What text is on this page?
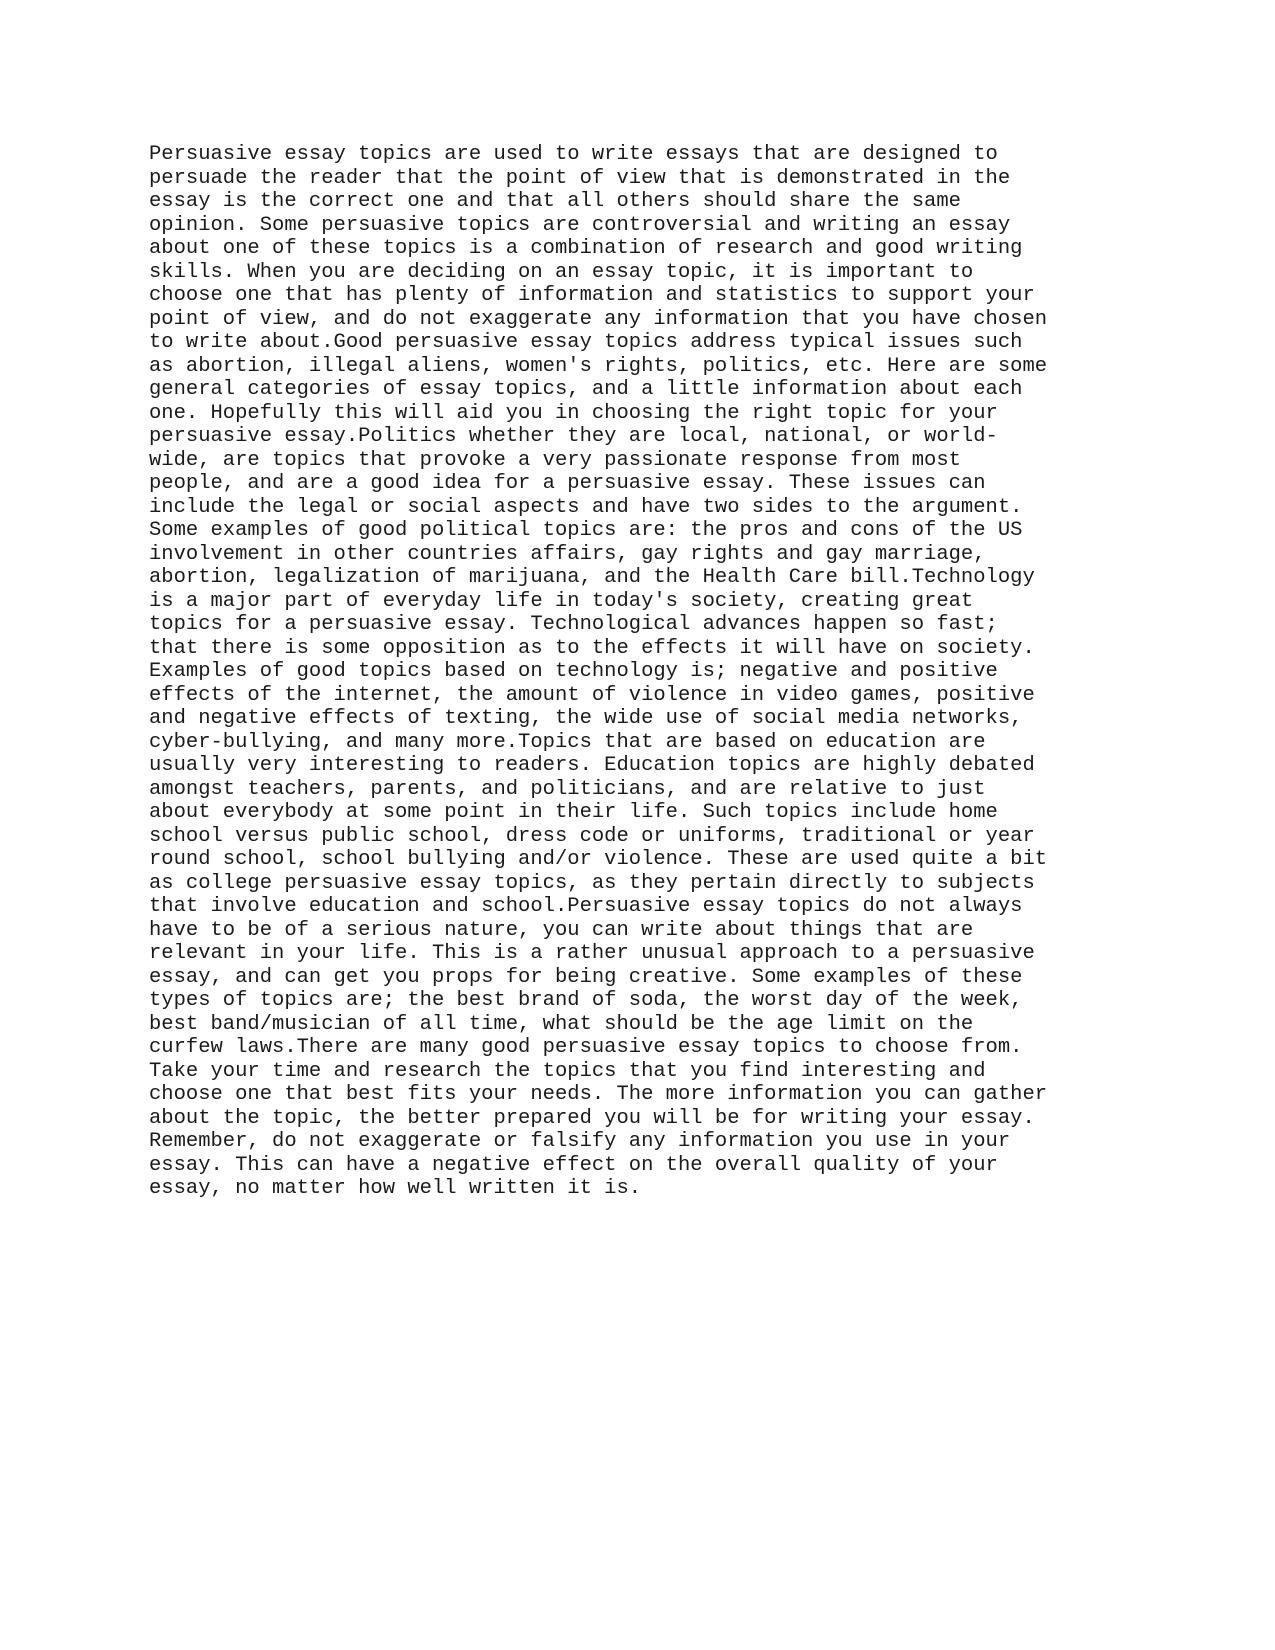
Persuasive essay topics are used to write essays that are designed to
persuade the reader that the point of view that is demonstrated in the
essay is the correct one and that all others should share the same
opinion. Some persuasive topics are controversial and writing an essay
about one of these topics is a combination of research and good writing
skills. When you are deciding on an essay topic, it is important to
choose one that has plenty of information and statistics to support your
point of view, and do not exaggerate any information that you have chosen
to write about.Good persuasive essay topics address typical issues such
as abortion, illegal aliens, women's rights, politics, etc. Here are some
general categories of essay topics, and a little information about each
one. Hopefully this will aid you in choosing the right topic for your
persuasive essay.Politics whether they are local, national, or world-
wide, are topics that provoke a very passionate response from most
people, and are a good idea for a persuasive essay. These issues can
include the legal or social aspects and have two sides to the argument.
Some examples of good political topics are: the pros and cons of the US
involvement in other countries affairs, gay rights and gay marriage,
abortion, legalization of marijuana, and the Health Care bill.Technology
is a major part of everyday life in today's society, creating great
topics for a persuasive essay. Technological advances happen so fast;
that there is some opposition as to the effects it will have on society.
Examples of good topics based on technology is; negative and positive
effects of the internet, the amount of violence in video games, positive
and negative effects of texting, the wide use of social media networks,
cyber-bullying, and many more.Topics that are based on education are
usually very interesting to readers. Education topics are highly debated
amongst teachers, parents, and politicians, and are relative to just
about everybody at some point in their life. Such topics include home
school versus public school, dress code or uniforms, traditional or year
round school, school bullying and/or violence. These are used quite a bit
as college persuasive essay topics, as they pertain directly to subjects
that involve education and school.Persuasive essay topics do not always
have to be of a serious nature, you can write about things that are
relevant in your life. This is a rather unusual approach to a persuasive
essay, and can get you props for being creative. Some examples of these
types of topics are; the best brand of soda, the worst day of the week,
best band/musician of all time, what should be the age limit on the
curfew laws.There are many good persuasive essay topics to choose from.
Take your time and research the topics that you find interesting and
choose one that best fits your needs. The more information you can gather
about the topic, the better prepared you will be for writing your essay.
Remember, do not exaggerate or falsify any information you use in your
essay. This can have a negative effect on the overall quality of your
essay, no matter how well written it is.
